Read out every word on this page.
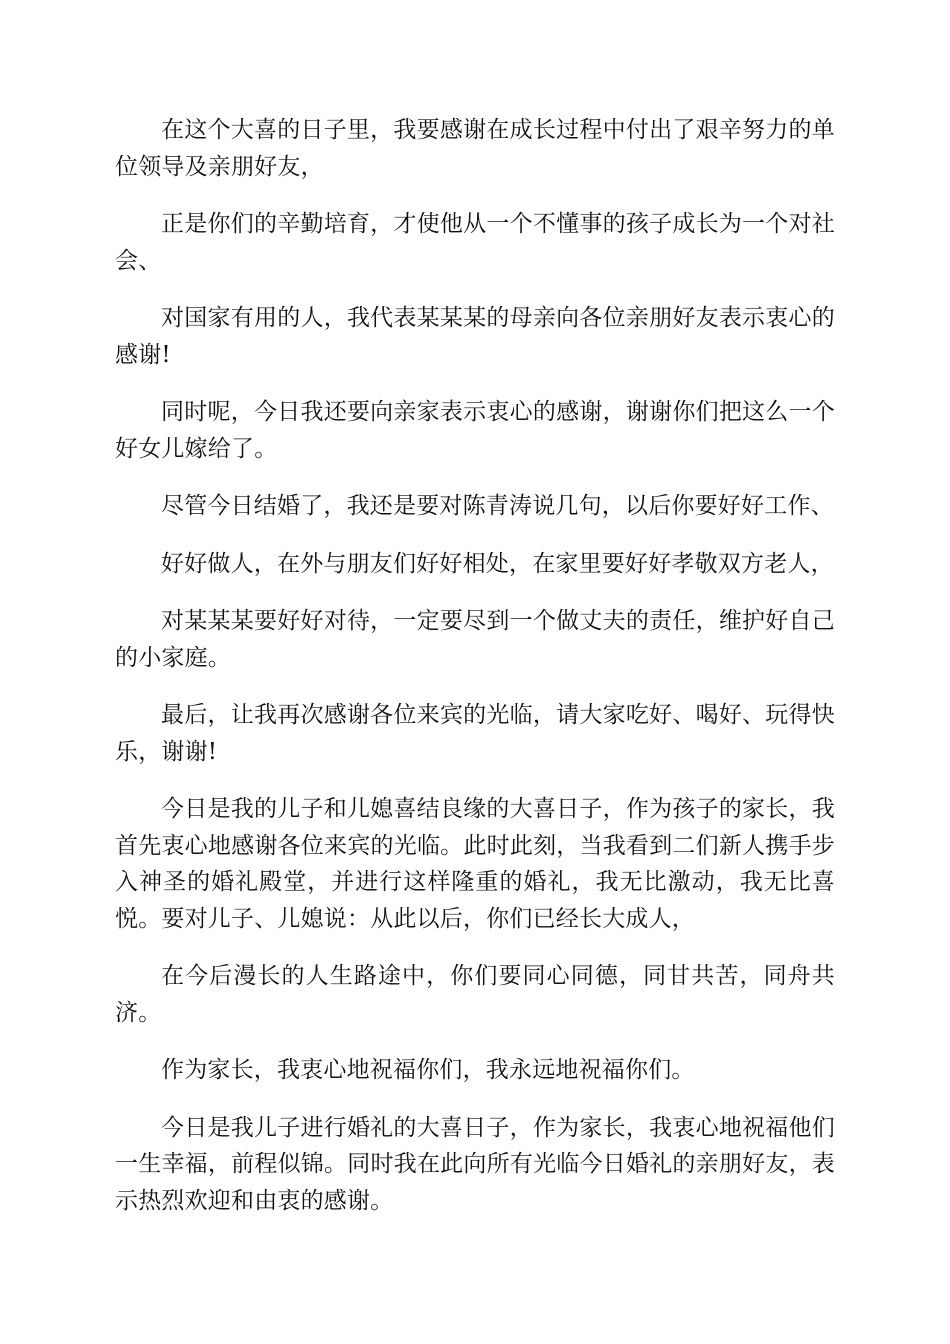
在这个大喜的日子里，我要感谢在成长过程中付出了艰辛努力的单位领导及亲朋好友，

正是你们的辛勤培育，才使他从一个不懂事的孩子成长为一个对社会、

对国家有用的人，我代表某某某的母亲向各位亲朋好友表示衷心的感谢!

同时呢，今日我还要向亲家表示衷心的感谢，谢谢你们把这么一个好女儿嫁给了。

尽管今日结婚了，我还是要对陈青涛说几句，以后你要好好工作、

好好做人，在外与朋友们好好相处，在家里要好好孝敬双方老人，

对某某某要好好对待，一定要尽到一个做丈夫的责任，维护好自己的小家庭。

最后，让我再次感谢各位来宾的光临，请大家吃好、喝好、玩得快乐，谢谢!

今日是我的儿子和儿媳喜结良缘的大喜日子，作为孩子的家长，我首先衷心地感谢各位来宾的光临。此时此刻，当我看到二们新人携手步入神圣的婚礼殿堂，并进行这样隆重的婚礼，我无比激动，我无比喜悦。要对儿子、儿媳说：从此以后，你们已经长大成人，

在今后漫长的人生路途中，你们要同心同德，同甘共苦，同舟共济。

作为家长，我衷心地祝福你们，我永远地祝福你们。

今日是我儿子进行婚礼的大喜日子，作为家长，我衷心地祝福他们一生幸福，前程似锦。同时我在此向所有光临今日婚礼的亲朋好友，表示热烈欢迎和由衷的感谢。
